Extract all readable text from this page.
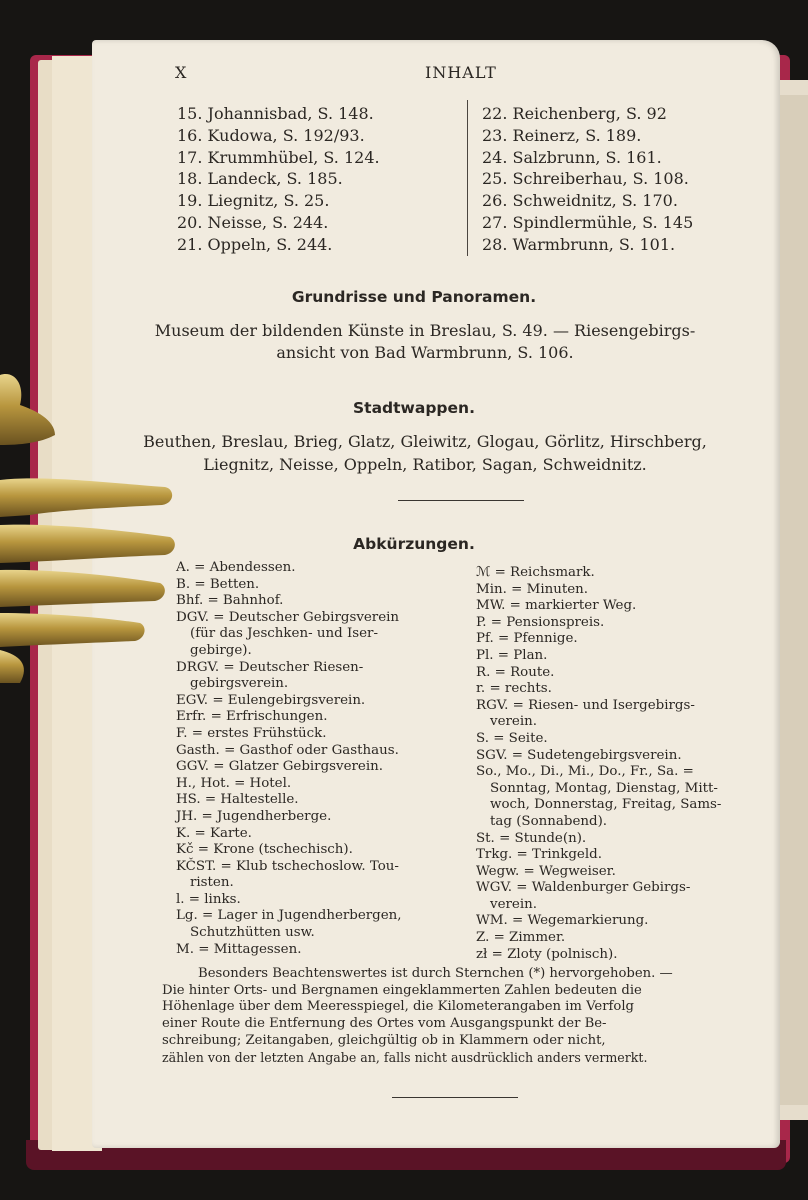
X	INHALT
15. Johannisbad, S. 148.
16. Kudowa, S. 192/93.
17. Krummhübel, S. 124.
18. Landeck, S. 185.
19. Liegnitz, S. 25.
20. Neisse, S. 244.
21. Oppeln, S. 244.
22. Reichenberg, S. 92
23. Reinerz, S. 189.
24. Salzbrunn, S. 161.
25. Schreiberhau, S. 108.
26. Schweidnitz, S. 170.
27. Spindlermühle, S. 145
28. Warmbrunn, S. 101.
Grundrisse und Panoramen.
Museum der bildenden Künste in Breslau, S. 49. — Riesengebirgs-
ansicht von Bad Warmbrunn, S. 106.
Stadtwappen.
Beuthen, Breslau, Brieg, Glatz, Gleiwitz, Glogau, Görlitz, Hirschberg,
Liegnitz, Neisse, Oppeln, Ratibor, Sagan, Schweidnitz.
Abkürzungen.
A. = Abendessen.
B. = Betten.
Bhf. = Bahnhof.
DGV. = Deutscher Gebirgsverein
(für das Jeschken- und Iser-
gebirge).
DRGV. = Deutscher Riesen-
gebirgsverein.
EGV. = Eulengebirgsverein.
Erfr. = Erfrischungen.
F. = erstes Frühstück.
Gasth. = Gasthof oder Gasthaus.
GGV. = Glatzer Gebirgsverein.
H., Hot. = Hotel.
HS. = Haltestelle.
JH. = Jugendherberge.
K. = Karte.
Kč = Krone (tschechisch).
KČST. = Klub tschechoslow. Tou-
risten.
l. = links.
Lg. = Lager in Jugendherbergen,
Schutzhütten usw.
M. = Mittagessen.
ℳ = Reichsmark.
Min. = Minuten.
MW. = markierter Weg.
P. = Pensionspreis.
Pf. = Pfennige.
Pl. = Plan.
R. = Route.
r. = rechts.
RGV. = Riesen- und Isergebirgs-
verein.
S. = Seite.
SGV. = Sudetengebirgsverein.
So., Mo., Di., Mi., Do., Fr., Sa. =
Sonntag, Montag, Dienstag, Mitt-
woch, Donnerstag, Freitag, Sams-
tag (Sonnabend).
St. = Stunde(n).
Trkg. = Trinkgeld.
Wegw. = Wegweiser.
WGV. = Waldenburger Gebirgs-
verein.
WM. = Wegemarkierung.
Z. = Zimmer.
zł = Zloty (polnisch).
Besonders Beachtenswertes ist durch Sternchen (*) hervorgehoben. —
Die hinter Orts- und Bergnamen eingeklammerten Zahlen bedeuten die
Höhenlage über dem Meeresspiegel, die Kilometerangaben im Verfolg
einer Route die Entfernung des Ortes vom Ausgangspunkt der Be-
schreibung; Zeitangaben, gleichgültig ob in Klammern oder nicht,
zählen von der letzten Angabe an, falls nicht ausdrücklich anders vermerkt.
